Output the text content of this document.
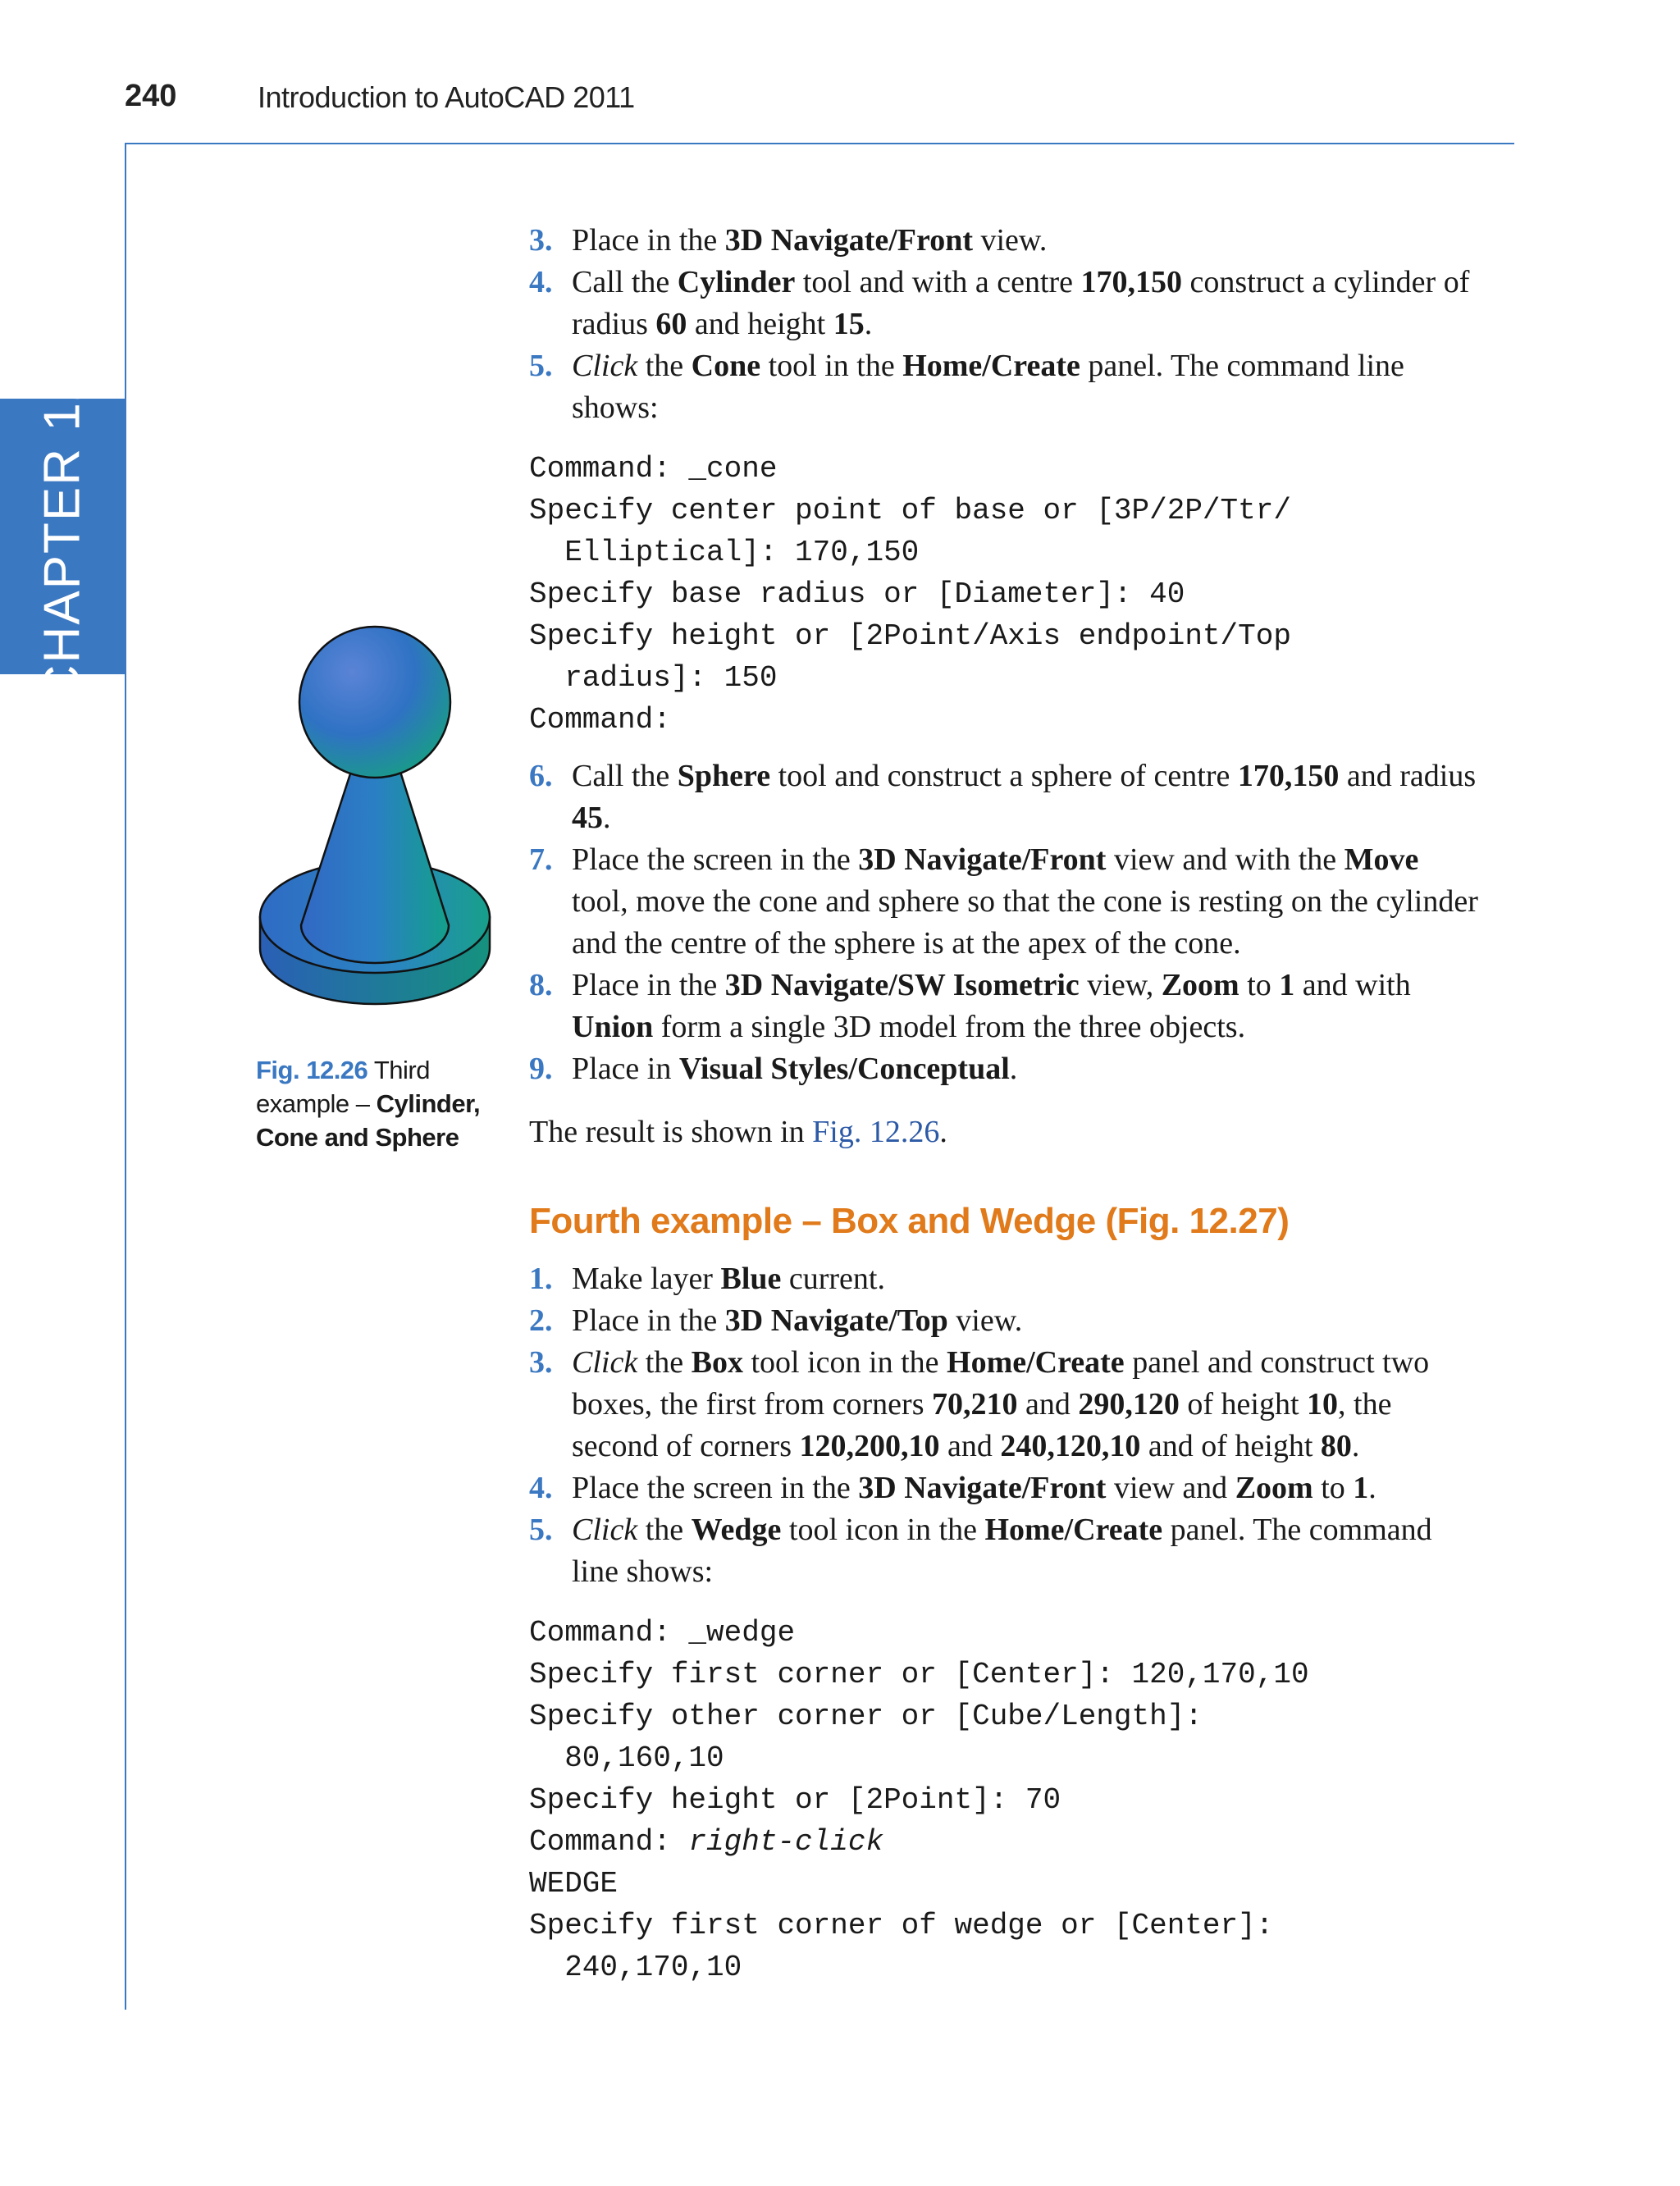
240	Introduction to AutoCAD 2011
CHAPTER 12
Fig. 12.26 Third example – Cylinder, Cone and Sphere
3. Place in the 3D Navigate/Front view.
4. Call the Cylinder tool and with a centre 170,150 construct a cylinder of radius 60 and height 15.
5. Click the Cone tool in the Home/Create panel. The command line shows:
Command: _cone
Specify center point of base or [3P/2P/Ttr/
Elliptical]: 170,150
Specify base radius or [Diameter]: 40
Specify height or [2Point/Axis endpoint/Top
radius]: 150
Command:
6. Call the Sphere tool and construct a sphere of centre 170,150 and radius 45.
7. Place the screen in the 3D Navigate/Front view and with the Move tool, move the cone and sphere so that the cone is resting on the cylinder and the centre of the sphere is at the apex of the cone.
8. Place in the 3D Navigate/SW Isometric view, Zoom to 1 and with Union form a single 3D model from the three objects.
9. Place in Visual Styles/Conceptual.
The result is shown in Fig. 12.26.
Fourth example – Box and Wedge (Fig. 12.27)
1. Make layer Blue current.
2. Place in the 3D Navigate/Top view.
3. Click the Box tool icon in the Home/Create panel and construct two boxes, the first from corners 70,210 and 290,120 of height 10, the second of corners 120,200,10 and 240,120,10 and of height 80.
4. Place the screen in the 3D Navigate/Front view and Zoom to 1.
5. Click the Wedge tool icon in the Home/Create panel. The command line shows:
Command: _wedge
Specify first corner or [Center]: 120,170,10
Specify other corner or [Cube/Length]:
80,160,10
Specify height or [2Point]: 70
Command: right-click
WEDGE
Specify first corner of wedge or [Center]:
240,170,10
